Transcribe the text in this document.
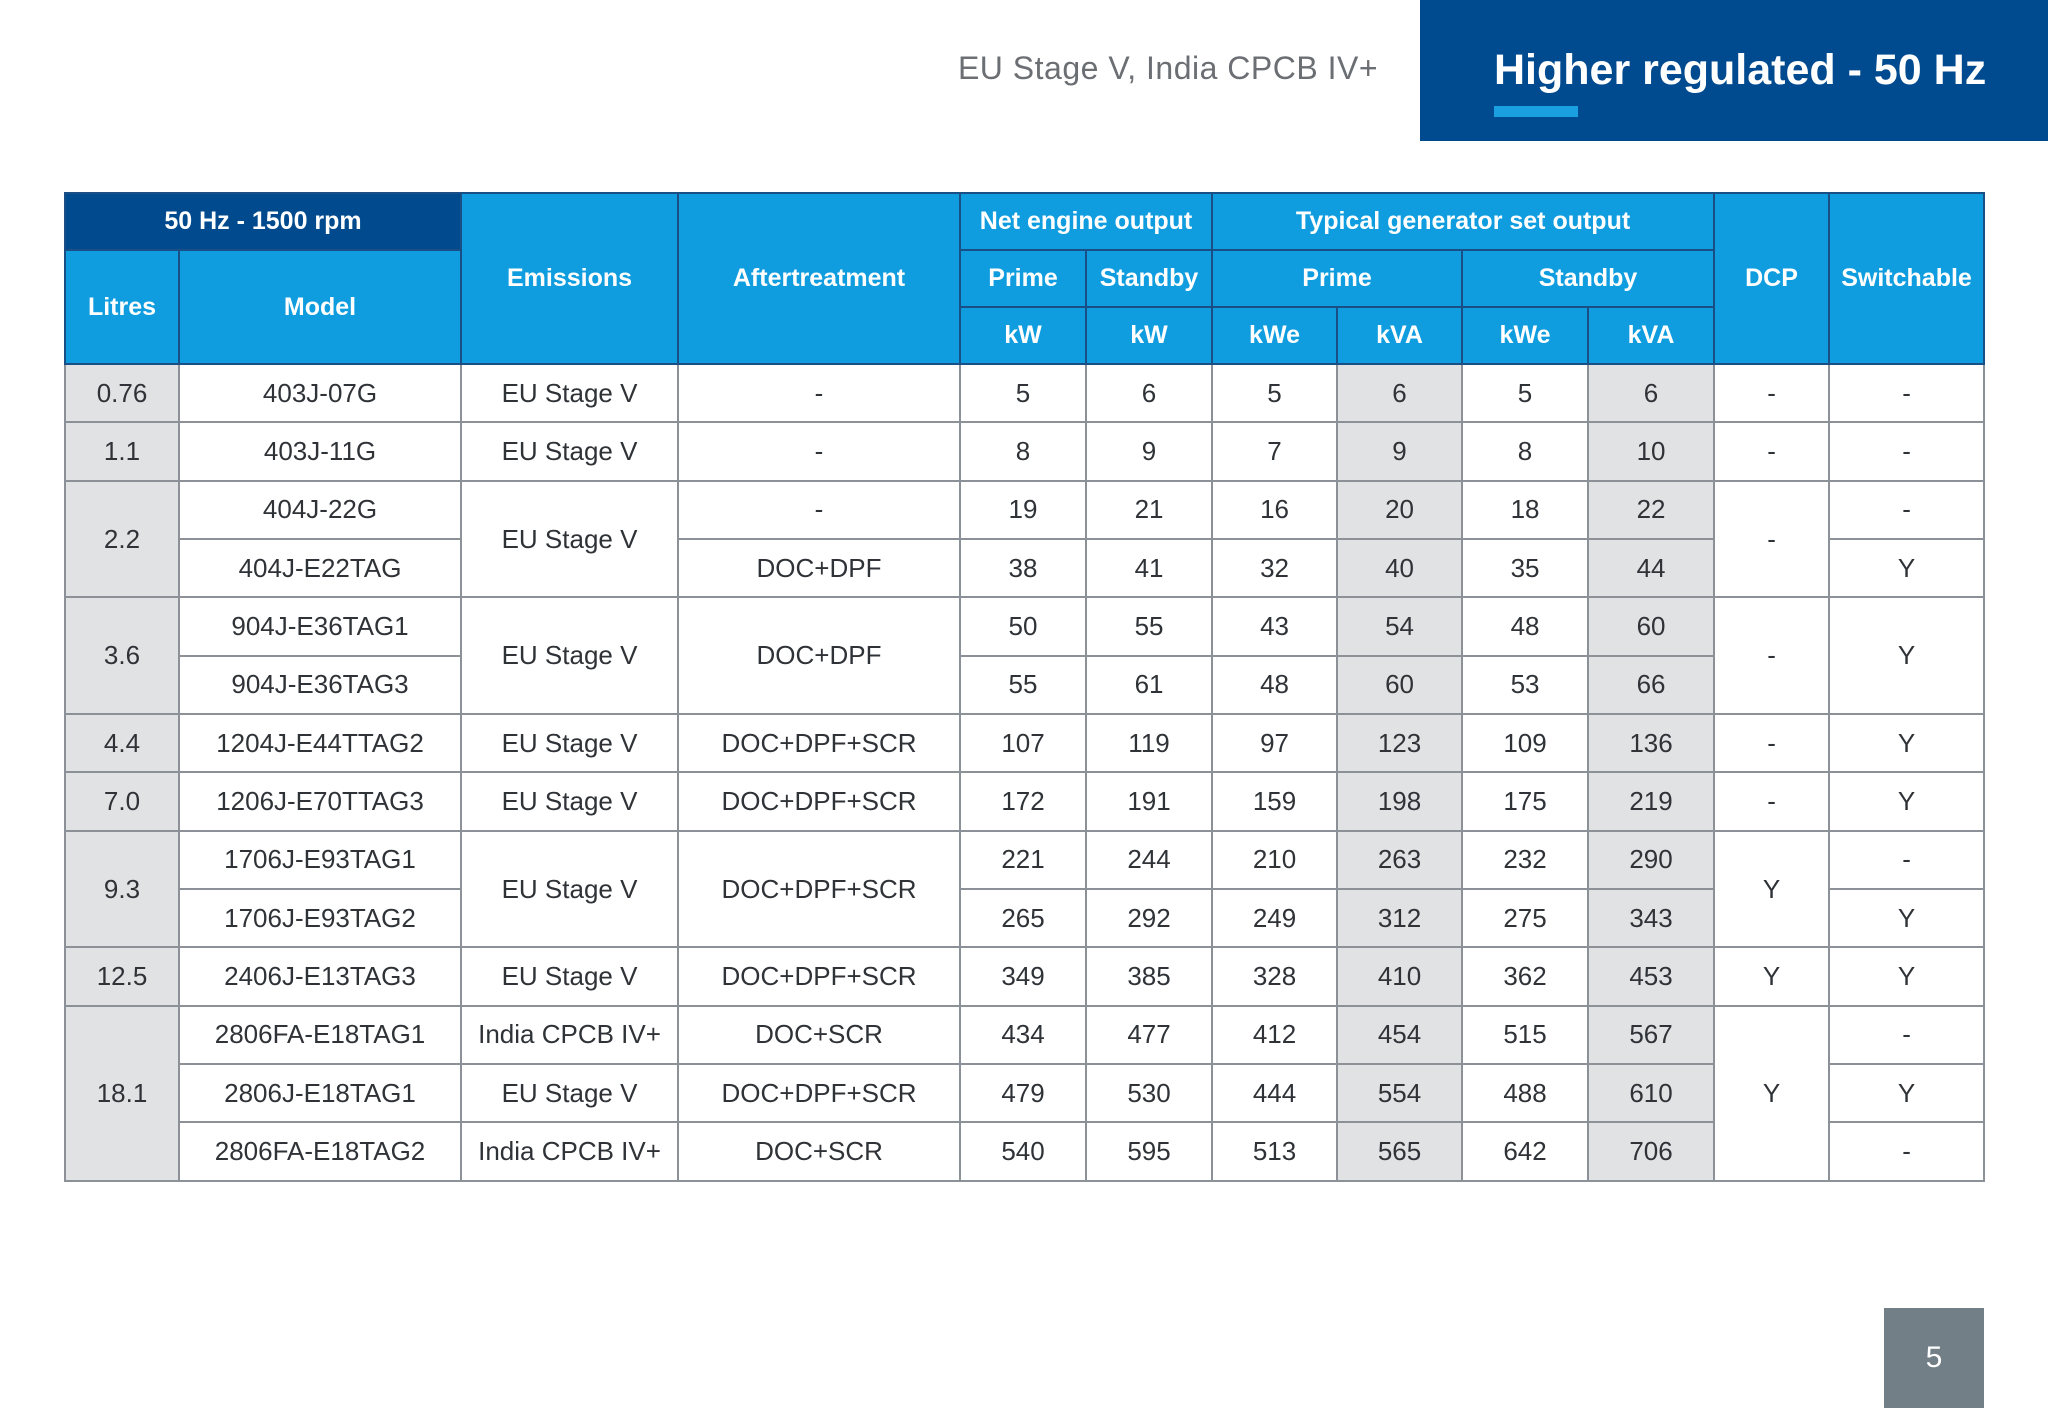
EU Stage V, India CPCB IV+	Higher regulated - 50 Hz
50 Hz - 1500 rpm		Emissions	Aftertreatment	Net engine output		Typical generator set output				DCP	Switchable
Litres	Model			Prime	Standby	Prime		Standby			
				kW	kW	kWe	kVA	kWe	kVA		
0.76	403J-07G	EU Stage V	-	5	6	5	6	5	6	-	-
1.1	403J-11G	EU Stage V	-	8	9	7	9	8	10	-	-
2.2	404J-22G	EU Stage V	-	19	21	16	20	18	22	-	-
	404J-E22TAG		DOC+DPF	38	41	32	40	35	44		Y
3.6	904J-E36TAG1	EU Stage V	DOC+DPF	50	55	43	54	48	60	-	Y
	904J-E36TAG3			55	61	48	60	53	66		
4.4	1204J-E44TTAG2	EU Stage V	DOC+DPF+SCR	107	119	97	123	109	136	-	Y
7.0	1206J-E70TTAG3	EU Stage V	DOC+DPF+SCR	172	191	159	198	175	219	-	Y
9.3	1706J-E93TAG1	EU Stage V	DOC+DPF+SCR	221	244	210	263	232	290	Y	-
	1706J-E93TAG2			265	292	249	312	275	343		Y
12.5	2406J-E13TAG3	EU Stage V	DOC+DPF+SCR	349	385	328	410	362	453	Y	Y
18.1	2806FA-E18TAG1	India CPCB IV+	DOC+SCR	434	477	412	454	515	567	Y	-
	2806J-E18TAG1	EU Stage V	DOC+DPF+SCR	479	530	444	554	488	610		Y
	2806FA-E18TAG2	India CPCB IV+	DOC+SCR	540	595	513	565	642	706		-
5
